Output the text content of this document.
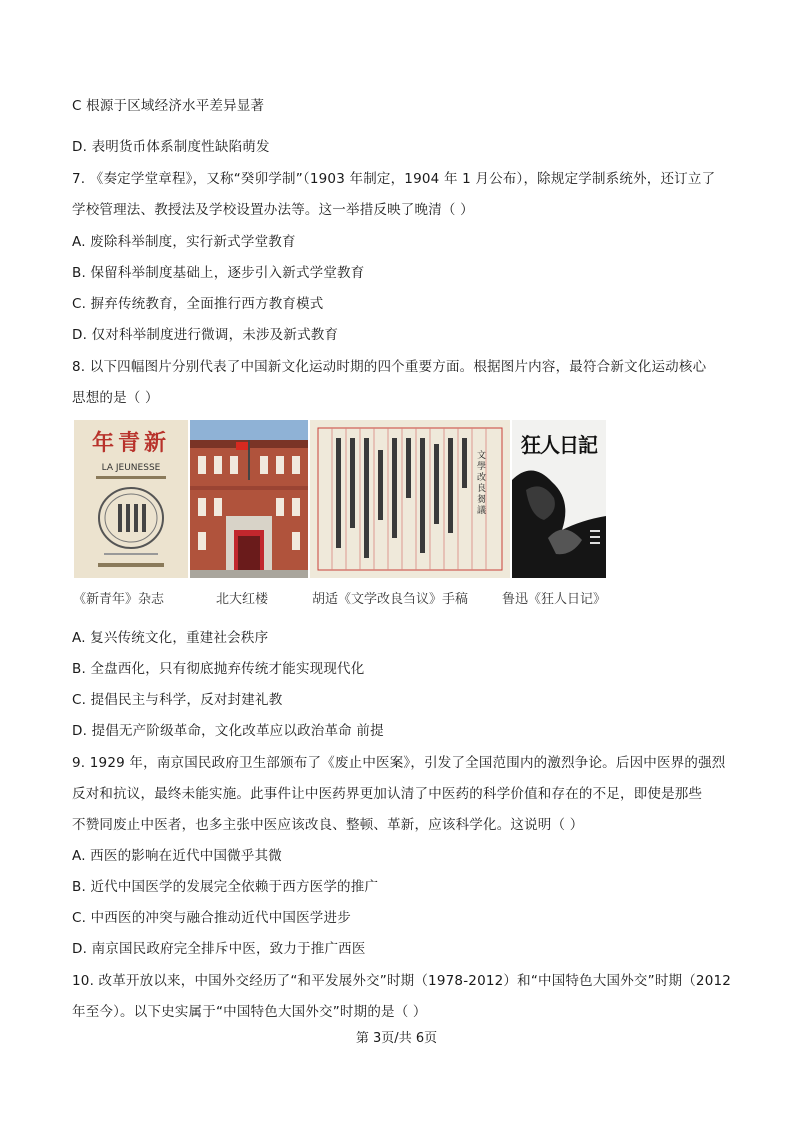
C 根源于区域经济水平差异显著
D. 表明货币体系制度性缺陷萌发
7. 《奏定学堂章程》，又称“癸卯学制”（1903 年制定，1904 年 1 月公布），除规定学制系统外，还订立了
学校管理法、教授法及学校设置办法等。这一举措反映了晚清（ ）
A. 废除科举制度，实行新式学堂教育
B. 保留科举制度基础上，逐步引入新式学堂教育
C. 摒弃传统教育，全面推行西方教育模式
D. 仅对科举制度进行微调，未涉及新式教育
8. 以下四幅图片分别代表了中国新文化运动时期的四个重要方面。根据图片内容，最符合新文化运动核心
思想的是（ ）
年青新
LA JEUNESSE	文學改良芻議
狂人日記
《新青年》杂志	北大红楼	胡适《文学改良刍议》手稿	鲁迅《狂人日记》
A. 复兴传统文化，重建社会秩序
B. 全盘西化，只有彻底抛弃传统才能实现现代化
C. 提倡民主与科学，反对封建礼教
D. 提倡无产阶级革命，文化改革应以政治革命 前提
9. 1929 年，南京国民政府卫生部颁布了《废止中医案》，引发了全国范围内的激烈争论。后因中医界的强烈
反对和抗议，最终未能实施。此事件让中医药界更加认清了中医药的科学价值和存在的不足，即使是那些
不赞同废止中医者，也多主张中医应该改良、整顿、革新，应该科学化。这说明（ ）
A. 西医的影响在近代中国微乎其微
B. 近代中国医学的发展完全依赖于西方医学的推广
C. 中西医的冲突与融合推动近代中国医学进步
D. 南京国民政府完全排斥中医，致力于推广西医
10. 改革开放以来，中国外交经历了“和平发展外交”时期（1978-2012）和“中国特色大国外交”时期（2012
年至今）。以下史实属于“中国特色大国外交”时期的是（ ）
第 3页/共 6页
